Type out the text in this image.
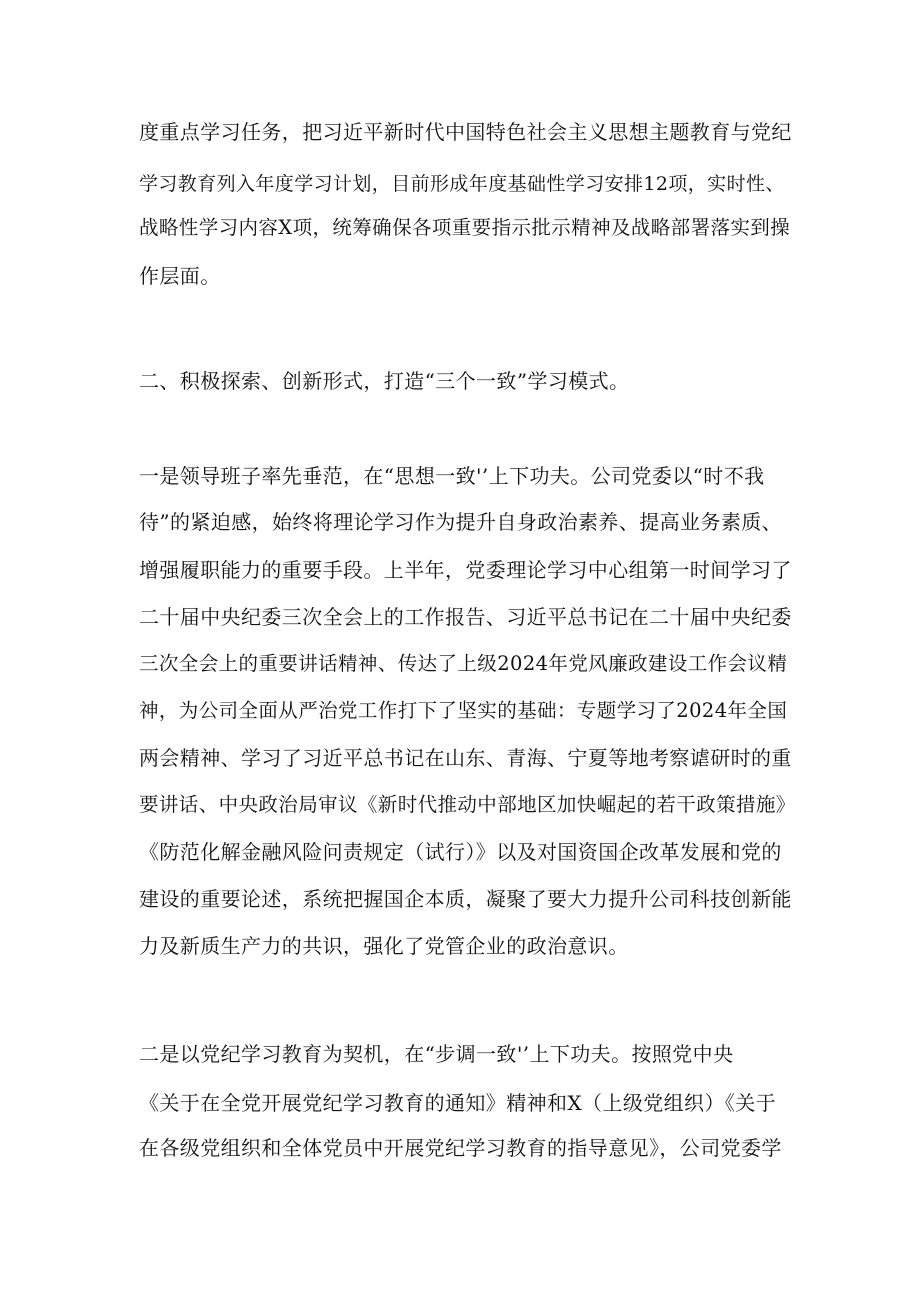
度重点学习任务，把习近平新时代中国特色社会主义思想主题教育与党纪
学习教育列入年度学习计划，目前形成年度基础性学习安排12项，实时性、
战略性学习内容X项，统筹确保各项重要指示批示精神及战略部署落实到操
作层面。
二、积极探索、创新形式，打造“三个一致”学习模式。
一是领导班子率先垂范，在“思想一致'’上下功夫。公司党委以“时不我
待”的紧迫感，始终将理论学习作为提升自身政治素养、提高业务素质、
增强履职能力的重要手段。上半年，党委理论学习中心组第一时间学习了
二十届中央纪委三次全会上的工作报告、习近平总书记在二十届中央纪委
三次全会上的重要讲话精神、传达了上级2024年党风廉政建设工作会议精
神，为公司全面从严治党工作打下了坚实的基础：专题学习了2024年全国
两会精神、学习了习近平总书记在山东、青海、宁夏等地考察谑研时的重
要讲话、中央政治局审议《新时代推动中部地区加快崛起的若干政策措施》
《防范化解金融风险问责规定（试行）》以及对国资国企改革发展和党的
建设的重要论述，系统把握国企本质，凝聚了要大力提升公司科技创新能
力及新质生产力的共识，强化了党管企业的政治意识。
二是以党纪学习教育为契机，在“步调一致'’上下功夫。按照党中央
《关于在全党开展党纪学习教育的通知》精神和X（上级党组织）《关于
在各级党组织和全体党员中开展党纪学习教育的指导意见》，公司党委学
